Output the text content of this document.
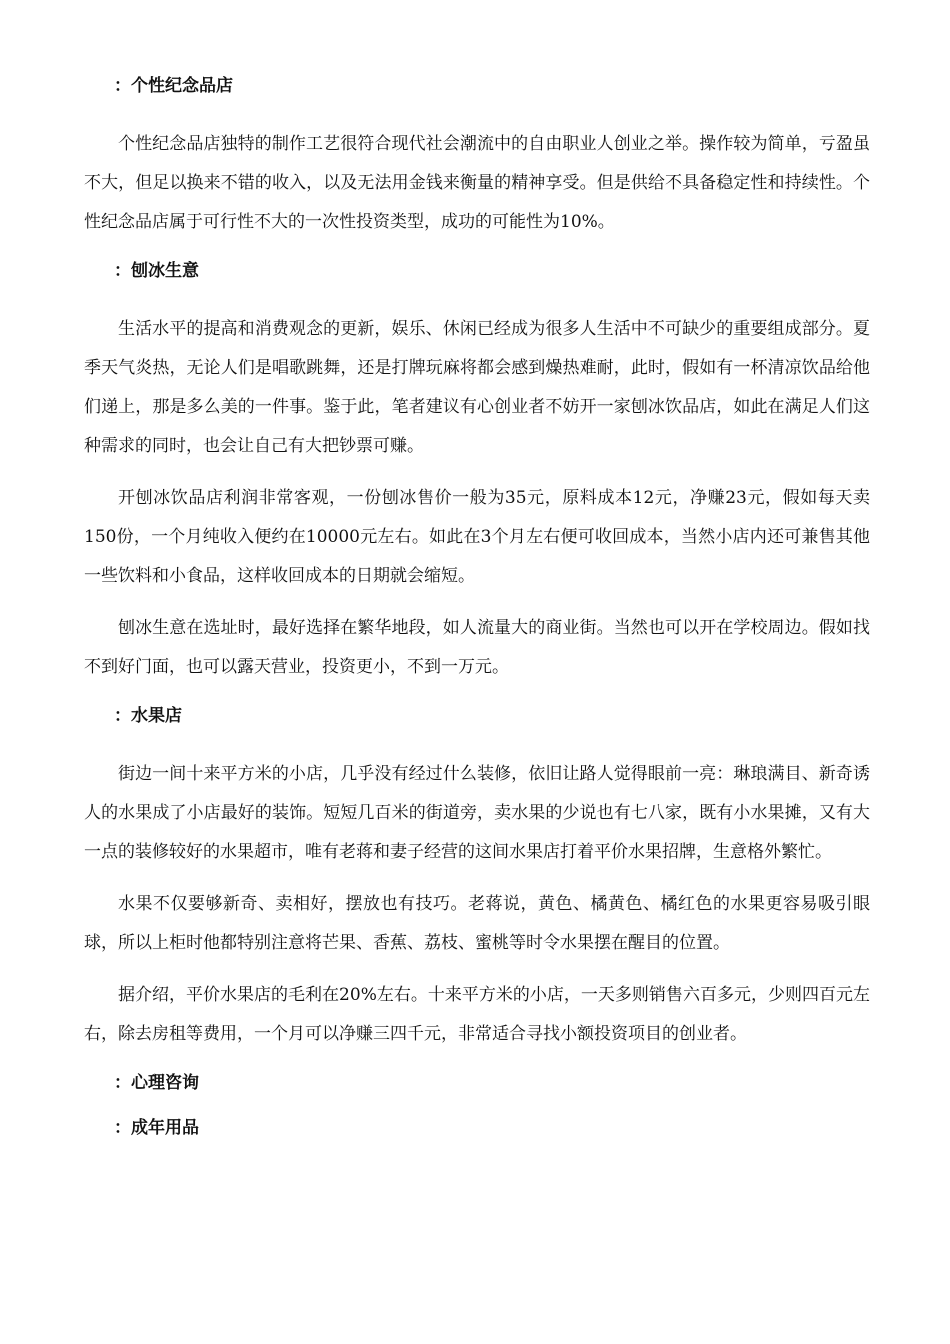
：个性纪念品店

个性纪念品店独特的制作工艺很符合现代社会潮流中的自由职业人创业之举。操作较为简单，亏盈虽不大，但足以换来不错的收入，以及无法用金钱来衡量的精神享受。但是供给不具备稳定性和持续性。个性纪念品店属于可行性不大的一次性投资类型，成功的可能性为10%。

：刨冰生意

生活水平的提高和消费观念的更新，娱乐、休闲已经成为很多人生活中不可缺少的重要组成部分。夏季天气炎热，无论人们是唱歌跳舞，还是打牌玩麻将都会感到燥热难耐，此时，假如有一杯清凉饮品给他们递上，那是多么美的一件事。鉴于此，笔者建议有心创业者不妨开一家刨冰饮品店，如此在满足人们这种需求的同时，也会让自己有大把钞票可赚。

开刨冰饮品店利润非常客观，一份刨冰售价一般为35元，原料成本12元，净赚23元，假如每天卖150份，一个月纯收入便约在10000元左右。如此在3个月左右便可收回成本，当然小店内还可兼售其他一些饮料和小食品，这样收回成本的日期就会缩短。

刨冰生意在选址时，最好选择在繁华地段，如人流量大的商业街。当然也可以开在学校周边。假如找不到好门面，也可以露天营业，投资更小，不到一万元。

：水果店

街边一间十来平方米的小店，几乎没有经过什么装修，依旧让路人觉得眼前一亮：琳琅满目、新奇诱人的水果成了小店最好的装饰。短短几百米的街道旁，卖水果的少说也有七八家，既有小水果摊，又有大一点的装修较好的水果超市，唯有老蒋和妻子经营的这间水果店打着平价水果招牌，生意格外繁忙。

水果不仅要够新奇、卖相好，摆放也有技巧。老蒋说，黄色、橘黄色、橘红色的水果更容易吸引眼球，所以上柜时他都特别注意将芒果、香蕉、荔枝、蜜桃等时令水果摆在醒目的位置。

据介绍，平价水果店的毛利在20%左右。十来平方米的小店，一天多则销售六百多元，少则四百元左右，除去房租等费用，一个月可以净赚三四千元，非常适合寻找小额投资项目的创业者。

：心理咨询
：成年用品
